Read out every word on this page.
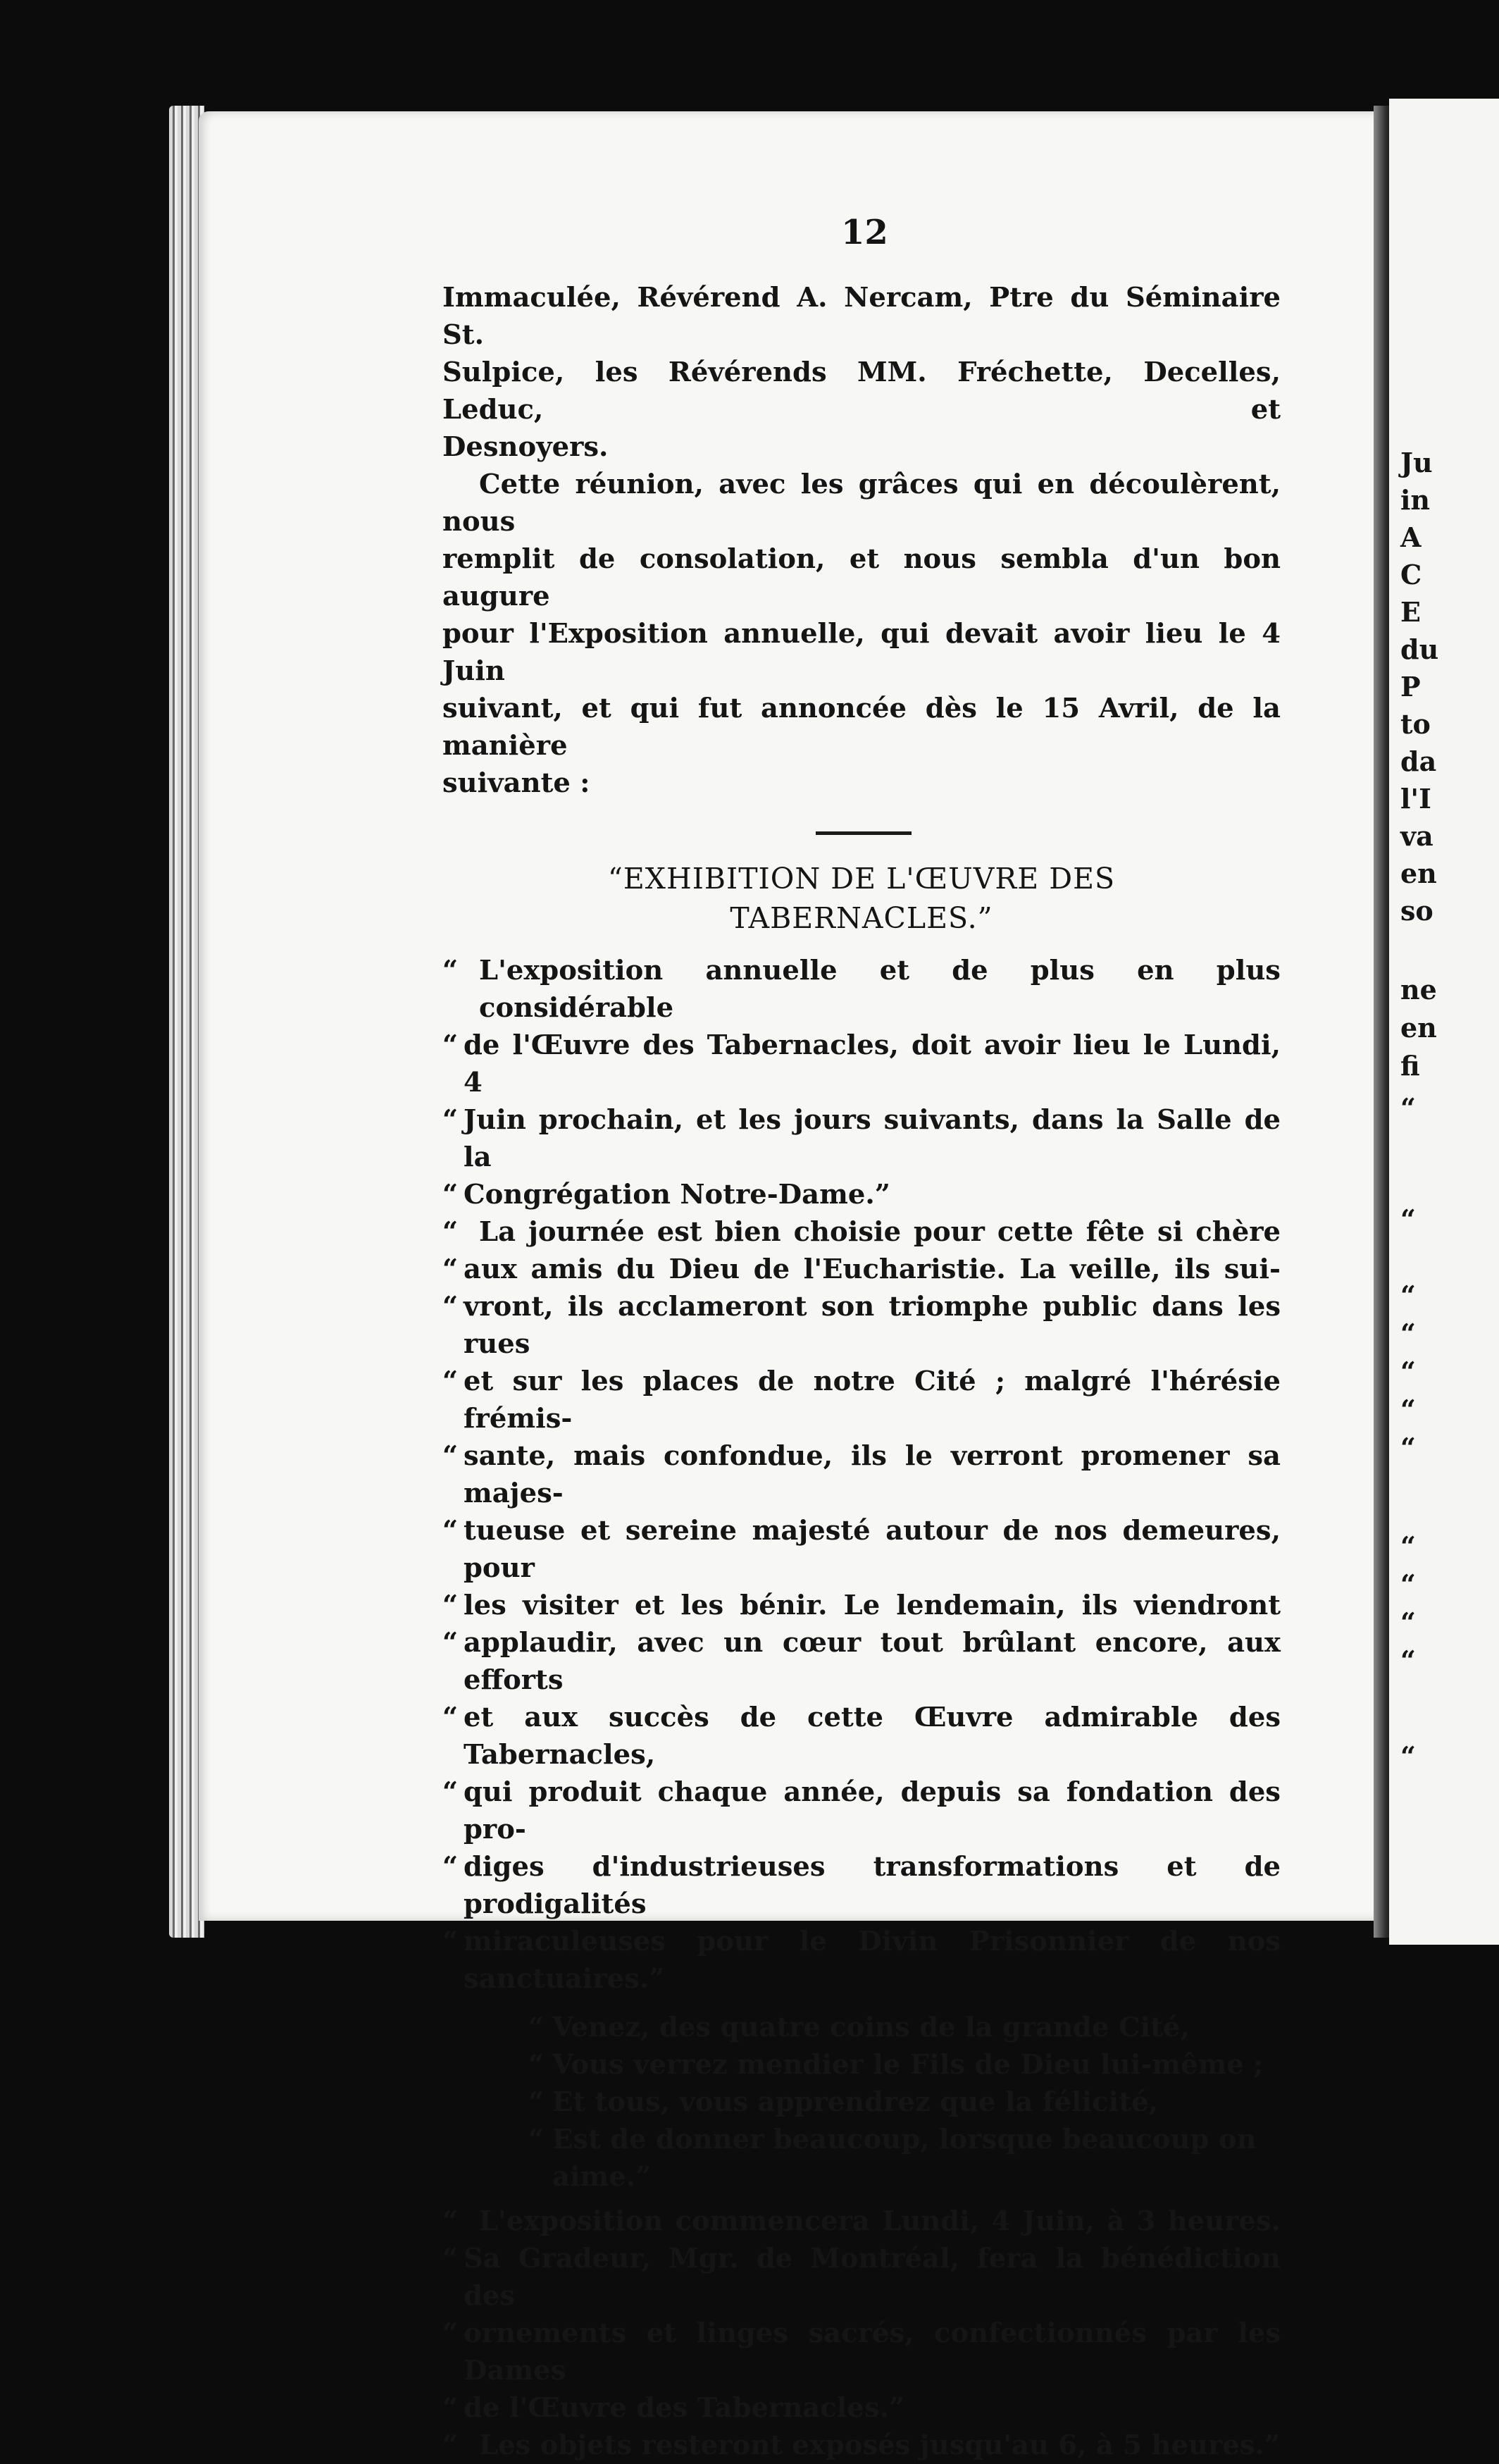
Ju
in
A
C
E
du
P
to
da
l'I
va
en
so
ne
en
fi
“
“
“
“
“
“
“
“
“
“
“
“
12

Immaculée, Révérend A. Nercam, Ptre du Séminaire St.

Sulpice, les Révérends MM. Fréchette, Decelles, Leduc, et

Desnoyers.

Cette réunion, avec les grâces qui en découlèrent, nous

remplit de consolation, et nous sembla d'un bon augure

pour l'Exposition annuelle, qui devait avoir lieu le 4 Juin

suivant, et qui fut annoncée dès le 15 Avril, de la manière

suivante :

“EXHIBITION DE L'ŒUVRE DES
TABERNACLES.”
“ L'exposition annuelle et de plus en plus considérable
“ de l'Œuvre des Tabernacles, doit avoir lieu le Lundi, 4
“ Juin prochain, et les jours suivants, dans la Salle de la
“ Congrégation Notre-Dame.”
“ La journée est bien choisie pour cette fête si chère
“ aux amis du Dieu de l'Eucharistie. La veille, ils sui-
“ vront, ils acclameront son triomphe public dans les rues
“ et sur les places de notre Cité ; malgré l'hérésie frémis-
“ sante, mais confondue, ils le verront promener sa majes-
“ tueuse et sereine majesté autour de nos demeures, pour
“ les visiter et les bénir. Le lendemain, ils viendront
“ applaudir, avec un cœur tout brûlant encore, aux efforts
“ et aux succès de cette Œuvre admirable des Tabernacles,
“ qui produit chaque année, depuis sa fondation des pro-
“ diges d'industrieuses transformations et de prodigalités
“ miraculeuses pour le Divin Prisonnier de nos sanctuaires.”
“ Venez, des quatre coins de la grande Cité,
“ Vous verrez mendier le Fils de Dieu lui-même ;
“ Et tous, vous apprendrez que la félicité,
“ Est de donner beaucoup, lorsque beaucoup on aime.”
“ L'exposition commencera Lundi, 4 Juin, à 3 heures.
“ Sa Gradeur, Mgr. de Montréal, fera la bénédiction des
“ ornements et linges sacrés, confectionnés par les Dames
“ de l'Œuvre des Tabernacles.”
“ Les objets resteront exposés jusqu'au 6, à 5 heures.”
